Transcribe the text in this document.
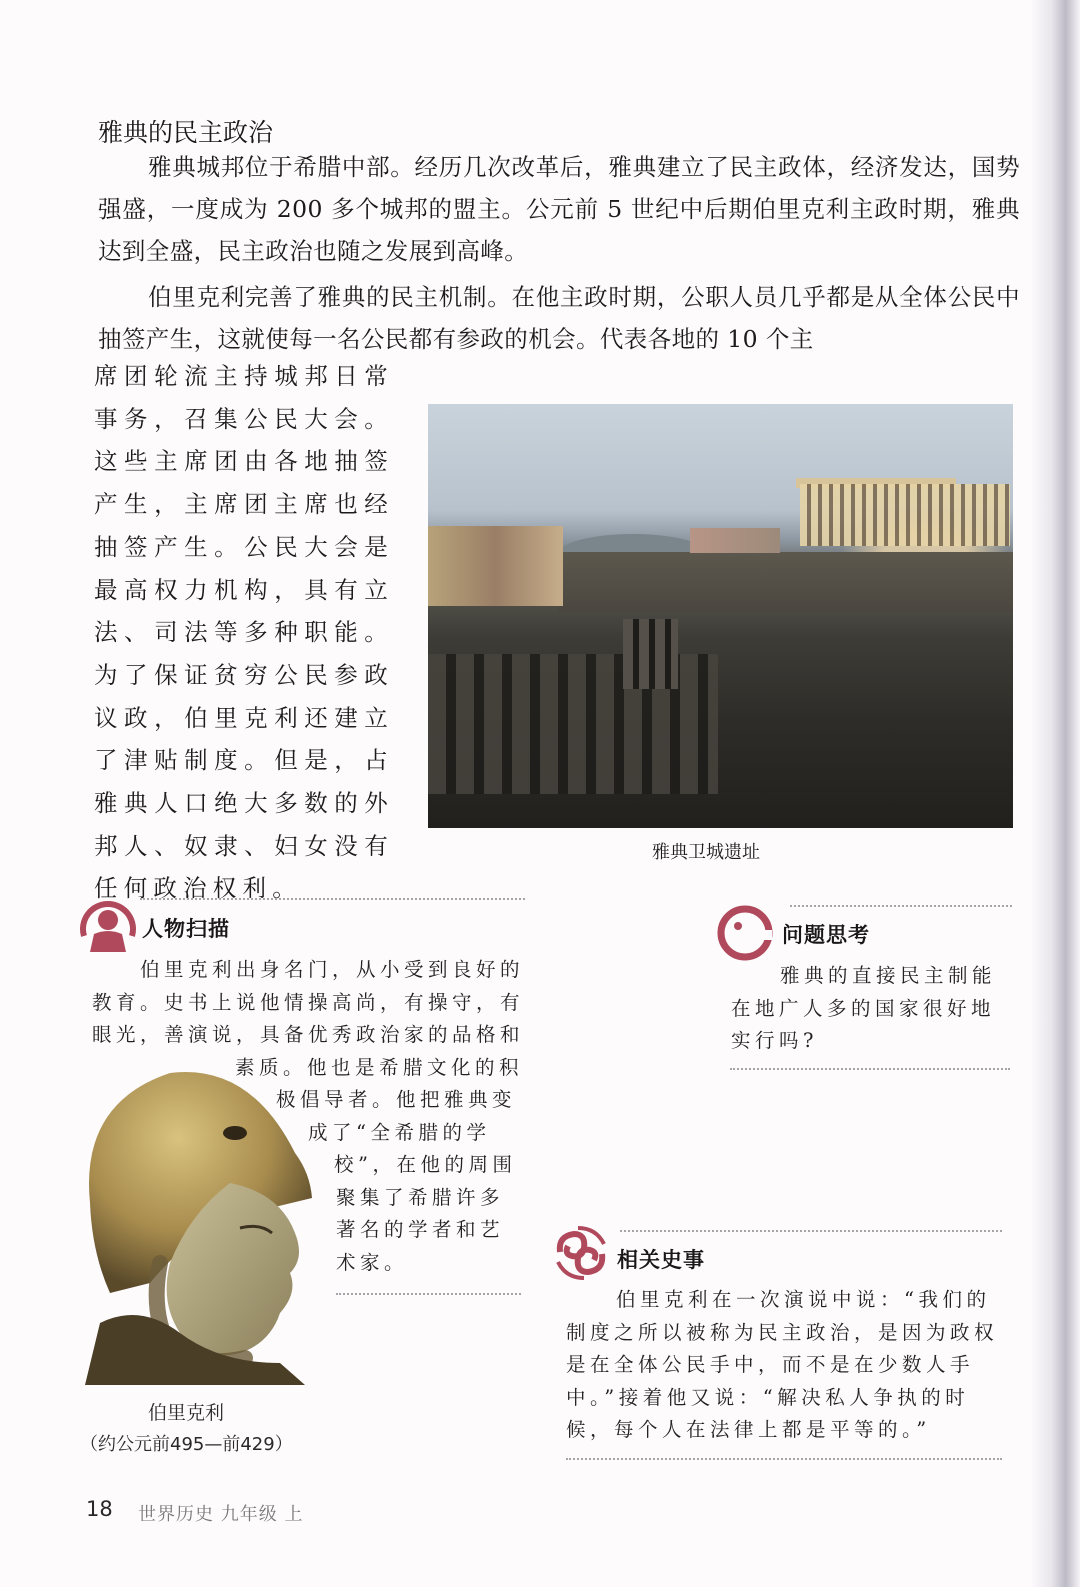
雅典的民主政治

雅典城邦位于希腊中部。经历几次改革后，雅典建立了民主政体，经济发达，国势强盛，一度成为 200 多个城邦的盟主。公元前 5 世纪中后期伯里克利主政时期，雅典达到全盛，民主政治也随之发展到高峰。

伯里克利完善了雅典的民主机制。在他主政时期，公职人员几乎都是从全体公民中抽签产生，这就使每一名公民都有参政的机会。代表各地的 10 个主

席团轮流主持城邦日常事务，召集公民大会。这些主席团由各地抽签产生，主席团主席也经抽签产生。公民大会是最高权力机构，具有立法、司法等多种职能。为了保证贫穷公民参政议政，伯里克利还建立了津贴制度。但是，占雅典人口绝大多数的外邦人、奴隶、妇女没有任何政治权利。

雅典卫城遗址
人物扫描
伯里克利出身名门，从小受到良好的
教育。史书上说他情操高尚，有操守，有
眼光，善演说，具备优秀政治家的品格和
素质。他也是希腊文化的积
极倡导者。他把雅典变
成了“全希腊的学
校”，在他的周围
聚集了希腊许多
著名的学者和艺
术家。
伯里克利
（约公元前495—前429）
问题思考
雅典的直接民主制能
在地广人多的国家很好地
实行吗?
相关史事
伯里克利在一次演说中说：“我们的
制度之所以被称为民主政治，是因为政权
是在全体公民手中，而不是在少数人手
中。”接着他又说：“解决私人争执的时
候，每个人在法律上都是平等的。”
18 世界历史 九年级 上
